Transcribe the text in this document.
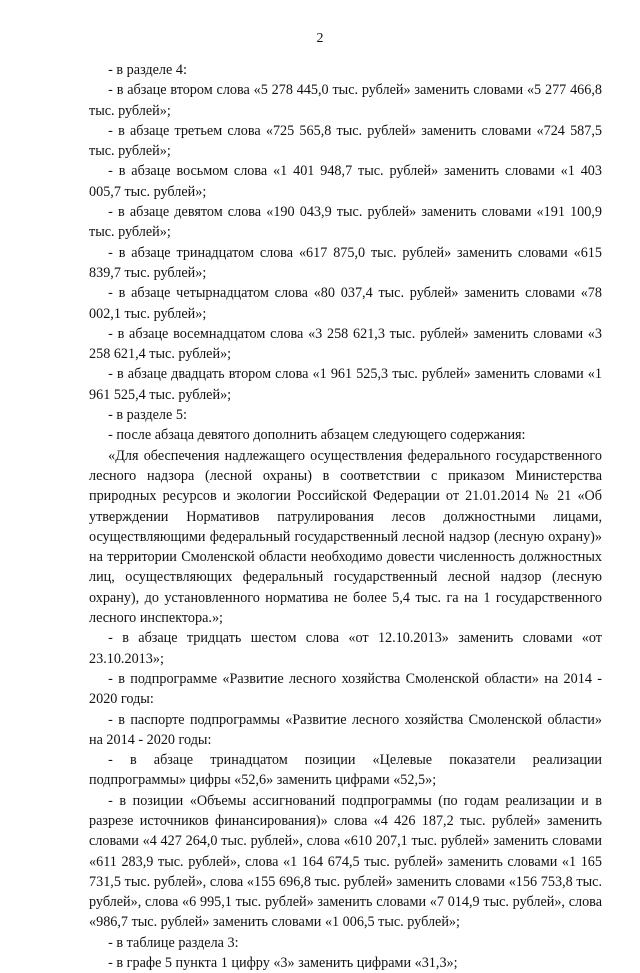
2

- в разделе 4:

- в абзаце втором слова «5 278 445,0 тыс. рублей» заменить словами «5 277 466,8 тыс. рублей»;

- в абзаце третьем слова «725 565,8 тыс. рублей» заменить словами «724 587,5 тыс. рублей»;

- в абзаце восьмом слова «1 401 948,7 тыс. рублей» заменить словами «1 403 005,7 тыс. рублей»;

- в абзаце девятом слова «190 043,9 тыс. рублей» заменить словами «191 100,9 тыс. рублей»;

- в абзаце тринадцатом слова «617 875,0 тыс. рублей» заменить словами «615 839,7 тыс. рублей»;

- в абзаце четырнадцатом слова «80 037,4 тыс. рублей» заменить словами «78 002,1 тыс. рублей»;

- в абзаце восемнадцатом слова «3 258 621,3 тыс. рублей» заменить словами «3 258 621,4 тыс. рублей»;

- в абзаце двадцать втором слова «1 961 525,3 тыс. рублей» заменить словами «1 961 525,4 тыс. рублей»;

- в разделе 5:

- после абзаца девятого дополнить абзацем следующего содержания:

«Для обеспечения надлежащего осуществления федерального государственного лесного надзора (лесной охраны) в соответствии с приказом Министерства природных ресурсов и экологии Российской Федерации от 21.01.2014 № 21 «Об утверждении Нормативов патрулирования лесов должностными лицами, осуществляющими федеральный государственный лесной надзор (лесную охрану)» на территории Смоленской области необходимо довести численность должностных лиц, осуществляющих федеральный государственный лесной надзор (лесную охрану), до установленного норматива не более 5,4 тыс. га на 1 государственного лесного инспектора.»;

- в абзаце тридцать шестом слова «от 12.10.2013» заменить словами «от 23.10.2013»;

- в подпрограмме «Развитие лесного хозяйства Смоленской области» на 2014 - 2020 годы:

- в паспорте подпрограммы «Развитие лесного хозяйства Смоленской области» на 2014 - 2020 годы:

- в абзаце тринадцатом позиции «Целевые показатели реализации подпрограммы» цифры «52,6» заменить цифрами «52,5»;

- в позиции «Объемы ассигнований подпрограммы (по годам реализации и в разрезе источников финансирования)» слова «4 426 187,2 тыс. рублей» заменить словами «4 427 264,0 тыс. рублей», слова «610 207,1 тыс. рублей» заменить словами «611 283,9 тыс. рублей», слова «1 164 674,5 тыс. рублей» заменить словами «1 165 731,5 тыс. рублей», слова «155 696,8 тыс. рублей» заменить словами «156 753,8 тыс. рублей», слова «6 995,1 тыс. рублей» заменить словами «7 014,9 тыс. рублей», слова «986,7 тыс. рублей» заменить словами «1 006,5 тыс. рублей»;

- в таблице раздела 3:

- в графе 5 пункта 1 цифру «3» заменить цифрами «31,3»;
